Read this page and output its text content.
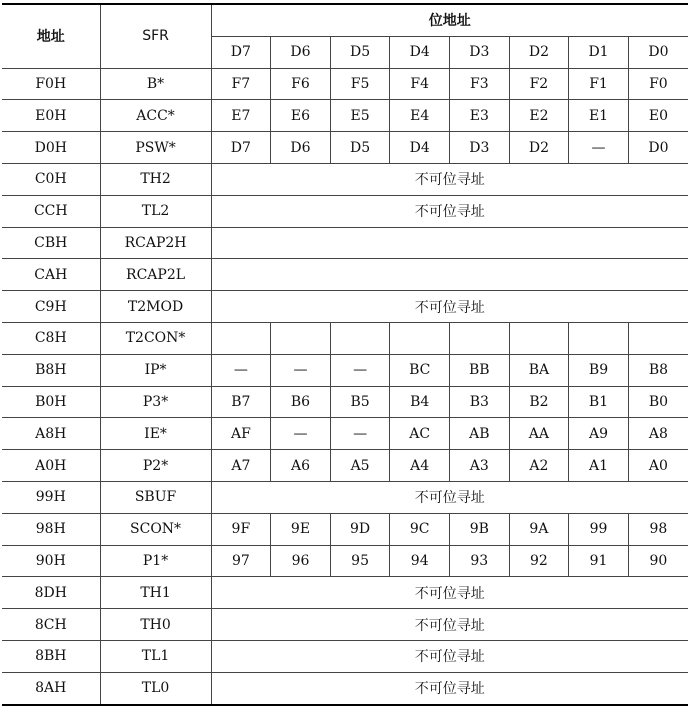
地址	SFR	位地址							
		D7	D6	D5	D4	D3	D2	D1	D0
F0H	B*	F7	F6	F5	F4	F3	F2	F1	F0
E0H	ACC*	E7	E6	E5	E4	E3	E2	E1	E0
D0H	PSW*	D7	D6	D5	D4	D3	D2	—	D0
C0H	TH2	不可位寻址							
CCH	TL2	不可位寻址							
CBH	RCAP2H								
CAH	RCAP2L								
C9H	T2MOD	不可位寻址							
C8H	T2CON*								
B8H	IP*	—	—	—	BC	BB	BA	B9	B8
B0H	P3*	B7	B6	B5	B4	B3	B2	B1	B0
A8H	IE*	AF	—	—	AC	AB	AA	A9	A8
A0H	P2*	A7	A6	A5	A4	A3	A2	A1	A0
99H	SBUF	不可位寻址							
98H	SCON*	9F	9E	9D	9C	9B	9A	99	98
90H	P1*	97	96	95	94	93	92	91	90
8DH	TH1	不可位寻址							
8CH	TH0	不可位寻址							
8BH	TL1	不可位寻址							
8AH	TL0	不可位寻址							
